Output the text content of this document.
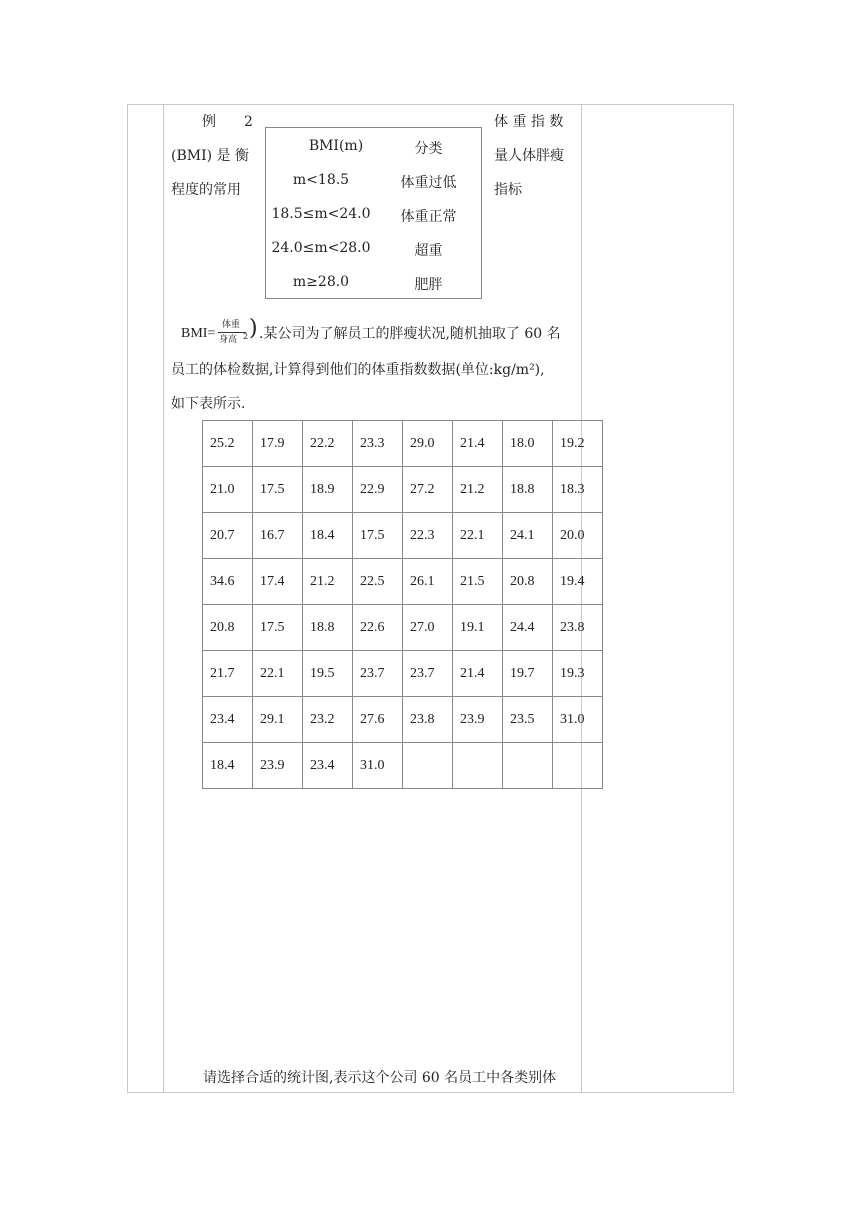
例　　2
(BMI) 是 衡
程度的常用
体 重 指 数
量人体胖瘦
指标
BMI(m)	分类
m<18.5	体重过低
18.5≤m<24.0	体重正常
24.0≤m<28.0	超重
m≥28.0	肥胖
BMI=
体重
身高 2 ) .某公司为了解员工的胖瘦状况,随机抽取了 60 名
员工的体检数据,计算得到他们的体重指数数据(单位:kg/m²),
如下表所示.
25.2	17.9	22.2	23.3	29.0	21.4	18.0	19.2
21.0	17.5	18.9	22.9	27.2	21.2	18.8	18.3
20.7	16.7	18.4	17.5	22.3	22.1	24.1	20.0
34.6	17.4	21.2	22.5	26.1	21.5	20.8	19.4
20.8	17.5	18.8	22.6	27.0	19.1	24.4	23.8
21.7	22.1	19.5	23.7	23.7	21.4	19.7	19.3
23.4	29.1	23.2	27.6	23.8	23.9	23.5	31.0
18.4	23.9	23.4	31.0				
请选择合适的统计图,表示这个公司 60 名员工中各类别体
